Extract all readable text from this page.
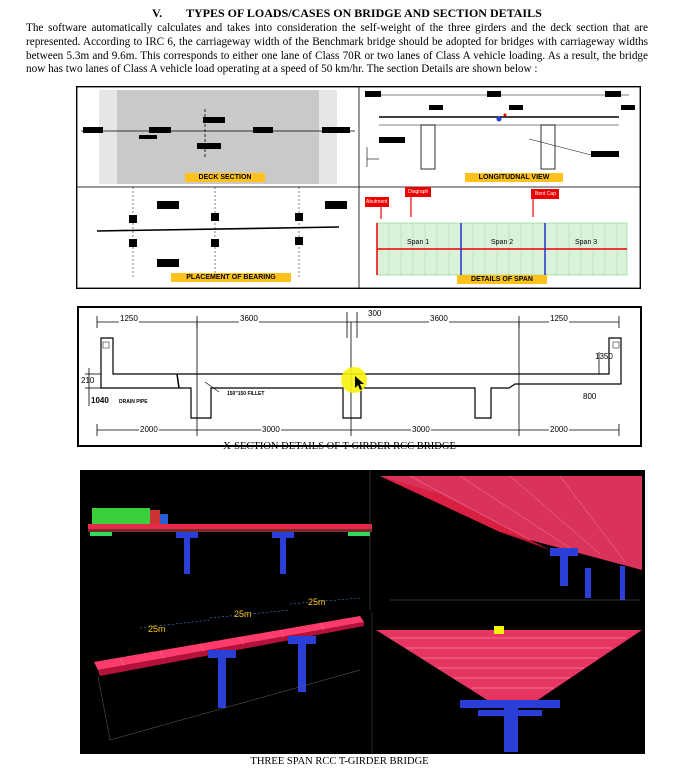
V. TYPES OF LOADS/CASES ON BRIDGE AND SECTION DETAILS
The software automatically calculates and takes into consideration the self-weight of the three girders and the deck section that are represented. According to IRC 6, the carriageway width of the Benchmark bridge should be adopted for bridges with carriageway widths between 5.3m and 9.6m. This corresponds to either one lane of Class 70R or two lanes of Class A vehicle loading. As a result, the bridge now has two lanes of Class A vehicle load operating at a speed of 50 km/hr. The section Details are shown below :
DECK SECTION	LONGITUDNAL VIEW
PLACEMENT OF BEARING
Abutment
Diagraph	Bent Cap
Span 1	Span 2	Span 3
DETAILS OF SPAN
1250	3600
300
3600	1250
1350
800
210
1040 DRAIN PIPE
150"150 FILLET
2000	3000	3000	2000
X-SECTION DETAILS OF T-GIRDER RCC BRIDGE
25m
25m
25m
THREE SPAN RCC T-GIRDER BRIDGE
